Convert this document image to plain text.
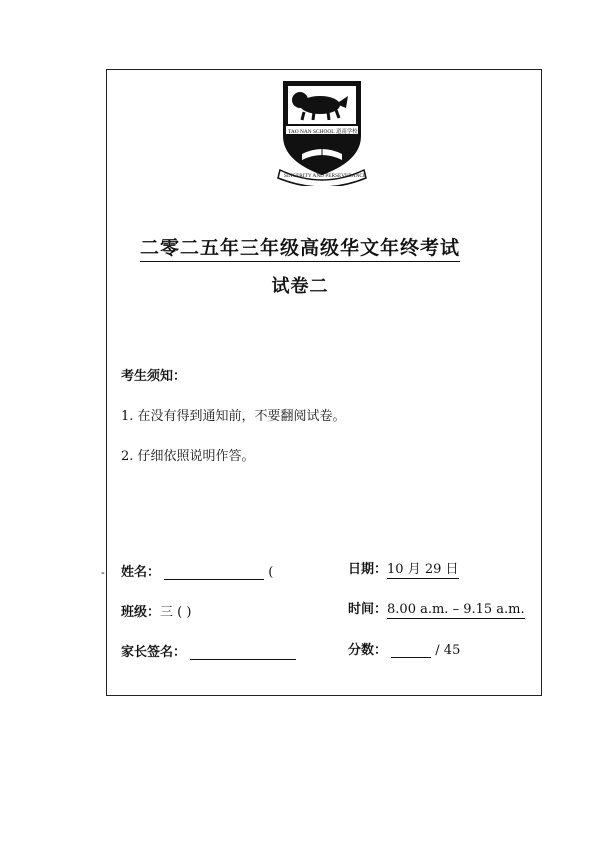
TAO NAN SCHOOL 道南学校
SINCERITY AND PERSEVERANCE
二零二五年三年级高级华文年终考试
试卷二
考生须知：
1. 在没有得到通知前，不要翻阅试卷。
2. 仔细依照说明作答。
- 姓名：	(
班级：三 ( )
家长签名：
日期：10 月 29 日
时间：8.00 a.m. – 9.15 a.m.
分数：	/ 45
